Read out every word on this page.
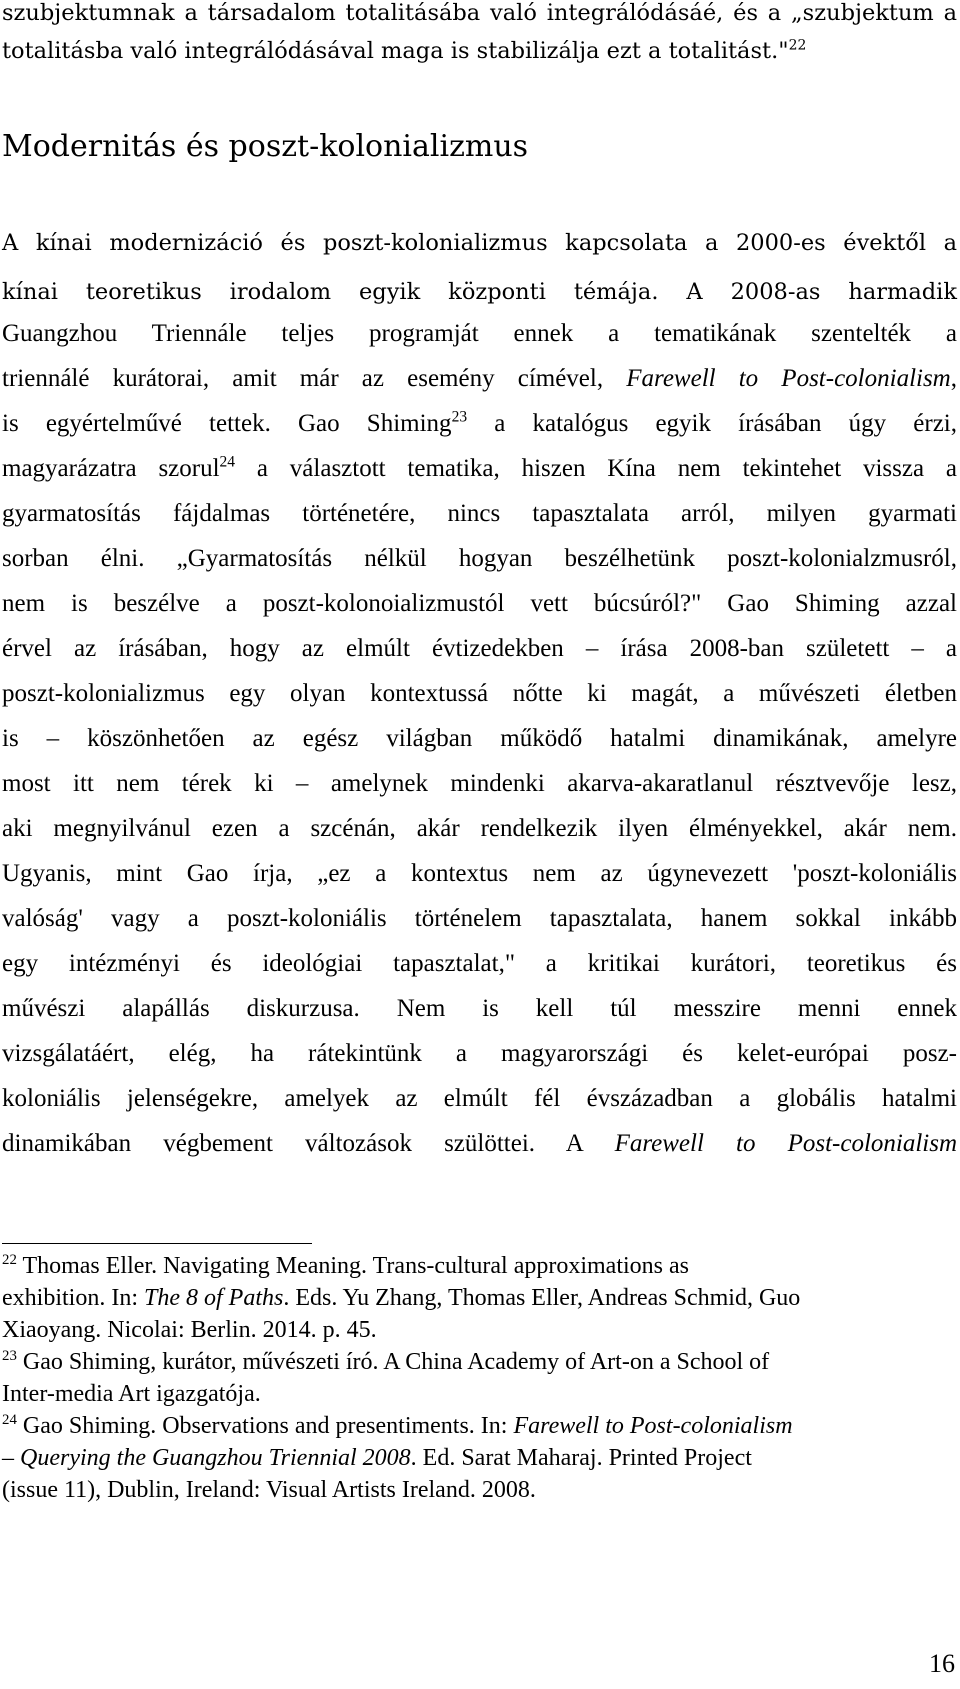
szubjektumnak a társadalom totalitásába való integrálódásáé, és a „szubjektum a
totalitásba való integrálódásával maga is stabilizálja ezt a totalitást."$^{22}$
Modernitás és poszt-kolonializmus
A kínai modernizáció és poszt-kolonializmus kapcsolata a 2000-es évektől a
kínai teoretikus irodalom egyik központi témája. A 2008-as harmadik
Guangzhou Triennále teljes programját ennek a tematikának szentelték a
triennálé kurátorai, amit már az esemény címével, Farewell to Post-colonialism,
is egyértelművé tettek. Gao Shiming$^{23}$ a katalógus egyik írásában úgy érzi,
magyarázatra szorul$^{24}$ a választott tematika, hiszen Kína nem tekintehet vissza a
gyarmatosítás fájdalmas történetére, nincs tapasztalata arról, milyen gyarmati
sorban élni. „Gyarmatosítás nélkül hogyan beszélhetünk poszt-kolonialzmusról,
nem is beszélve a poszt-kolonoializmustól vett búcsúról?" Gao Shiming azzal
érvel az írásában, hogy az elmúlt évtizedekben – írása 2008-ban született – a
poszt-kolonializmus egy olyan kontextussá nőtte ki magát, a művészeti életben
is – köszönhetően az egész világban működő hatalmi dinamikának, amelyre
most itt nem térek ki – amelynek mindenki akarva-akaratlanul résztvevője lesz,
aki megnyilvánul ezen a szcénán, akár rendelkezik ilyen élményekkel, akár nem.
Ugyanis, mint Gao írja, „ez a kontextus nem az úgynevezett 'poszt-koloniális
valóság' vagy a poszt-koloniális történelem tapasztalata, hanem sokkal inkább
egy intézményi és ideológiai tapasztalat," a kritikai kurátori, teoretikus és
művészi alapállás diskurzusa. Nem is kell túl messzire menni ennek
vizsgálatáért, elég, ha rátekintünk a magyarországi és kelet-európai posz-
koloniális jelenségekre, amelyek az elmúlt fél évszázadban a globális hatalmi
dinamikában végbement változások szülöttei. A Farewell to Post-colonialism
$^{22}$ Thomas Eller. Navigating Meaning. Trans-cultural approximations as
exhibition. In: The 8 of Paths. Eds. Yu Zhang, Thomas Eller, Andreas Schmid, Guo
Xiaoyang. Nicolai: Berlin. 2014. p. 45.
$^{23}$ Gao Shiming, kurátor, művészeti író. A China Academy of Art-on a School of
Inter-media Art igazgatója.
$^{24}$ Gao Shiming. Observations and presentiments. In: Farewell to Post-colonialism
– Querying the Guangzhou Triennial 2008. Ed. Sarat Maharaj. Printed Project
(issue 11), Dublin, Ireland: Visual Artists Ireland. 2008.
16
